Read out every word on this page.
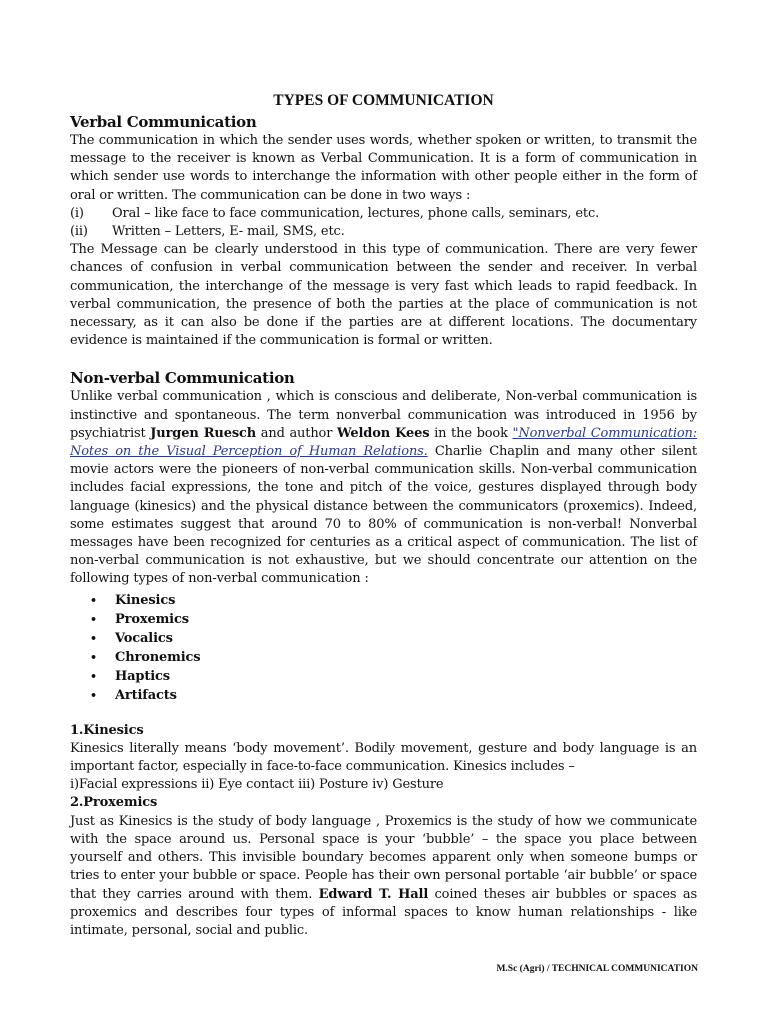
TYPES OF COMMUNICATION
Verbal Communication

The communication in which the sender uses words, whether spoken or written, to transmit the message to the receiver is known as Verbal Communication. It is a form of communication in which sender use words to interchange the information with other people either in the form of oral or written. The communication can be done in two ways :

(i)	Oral – like face to face communication, lectures, phone calls, seminars, etc.
(ii)	Written – Letters, E- mail, SMS, etc.

The Message can be clearly understood in this type of communication. There are very fewer chances of confusion in verbal communication between the sender and receiver. In verbal communication, the interchange of the message is very fast which leads to rapid feedback. In verbal communication, the presence of both the parties at the place of communication is not necessary, as it can also be done if the parties are at different locations. The documentary evidence is maintained if the communication is formal or written.

Non-verbal Communication

Unlike verbal communication , which is conscious and deliberate, Non-verbal communication is instinctive and spontaneous. The term nonverbal communication was introduced in 1956 by psychiatrist Jurgen Ruesch and author Weldon Kees in the book "Nonverbal Communication: Notes on the Visual Perception of Human Relations. Charlie Chaplin and many other silent movie actors were the pioneers of non-verbal communication skills. Non-verbal communication includes facial expressions, the tone and pitch of the voice, gestures displayed through body language (kinesics) and the physical distance between the communicators (proxemics). Indeed, some estimates suggest that around 70 to 80% of communication is non-verbal! Nonverbal messages have been recognized for centuries as a critical aspect of communication. The list of non-verbal communication is not exhaustive, but we should concentrate our attention on the following types of non-verbal communication :

•	Kinesics
•	Proxemics
•	Vocalics
•	Chronemics
•	Haptics
•	Artifacts
1.Kinesics

Kinesics literally means ‘body movement’. Bodily movement, gesture and body language is an important factor, especially in face-to-face communication. Kinesics includes –

i)Facial expressions ii) Eye contact iii) Posture iv) Gesture

2.Proxemics

Just as Kinesics is the study of body language , Proxemics is the study of how we communicate with the space around us. Personal space is your ‘bubble’ – the space you place between yourself and others. This invisible boundary becomes apparent only when someone bumps or tries to enter your bubble or space. People has their own personal portable ‘air bubble’ or space that they carries around with them. Edward T. Hall coined theses air bubbles or spaces as proxemics and describes four types of informal spaces to know human relationships - like intimate, personal, social and public.

M.Sc (Agri) / TECHNICAL COMMUNICATION
